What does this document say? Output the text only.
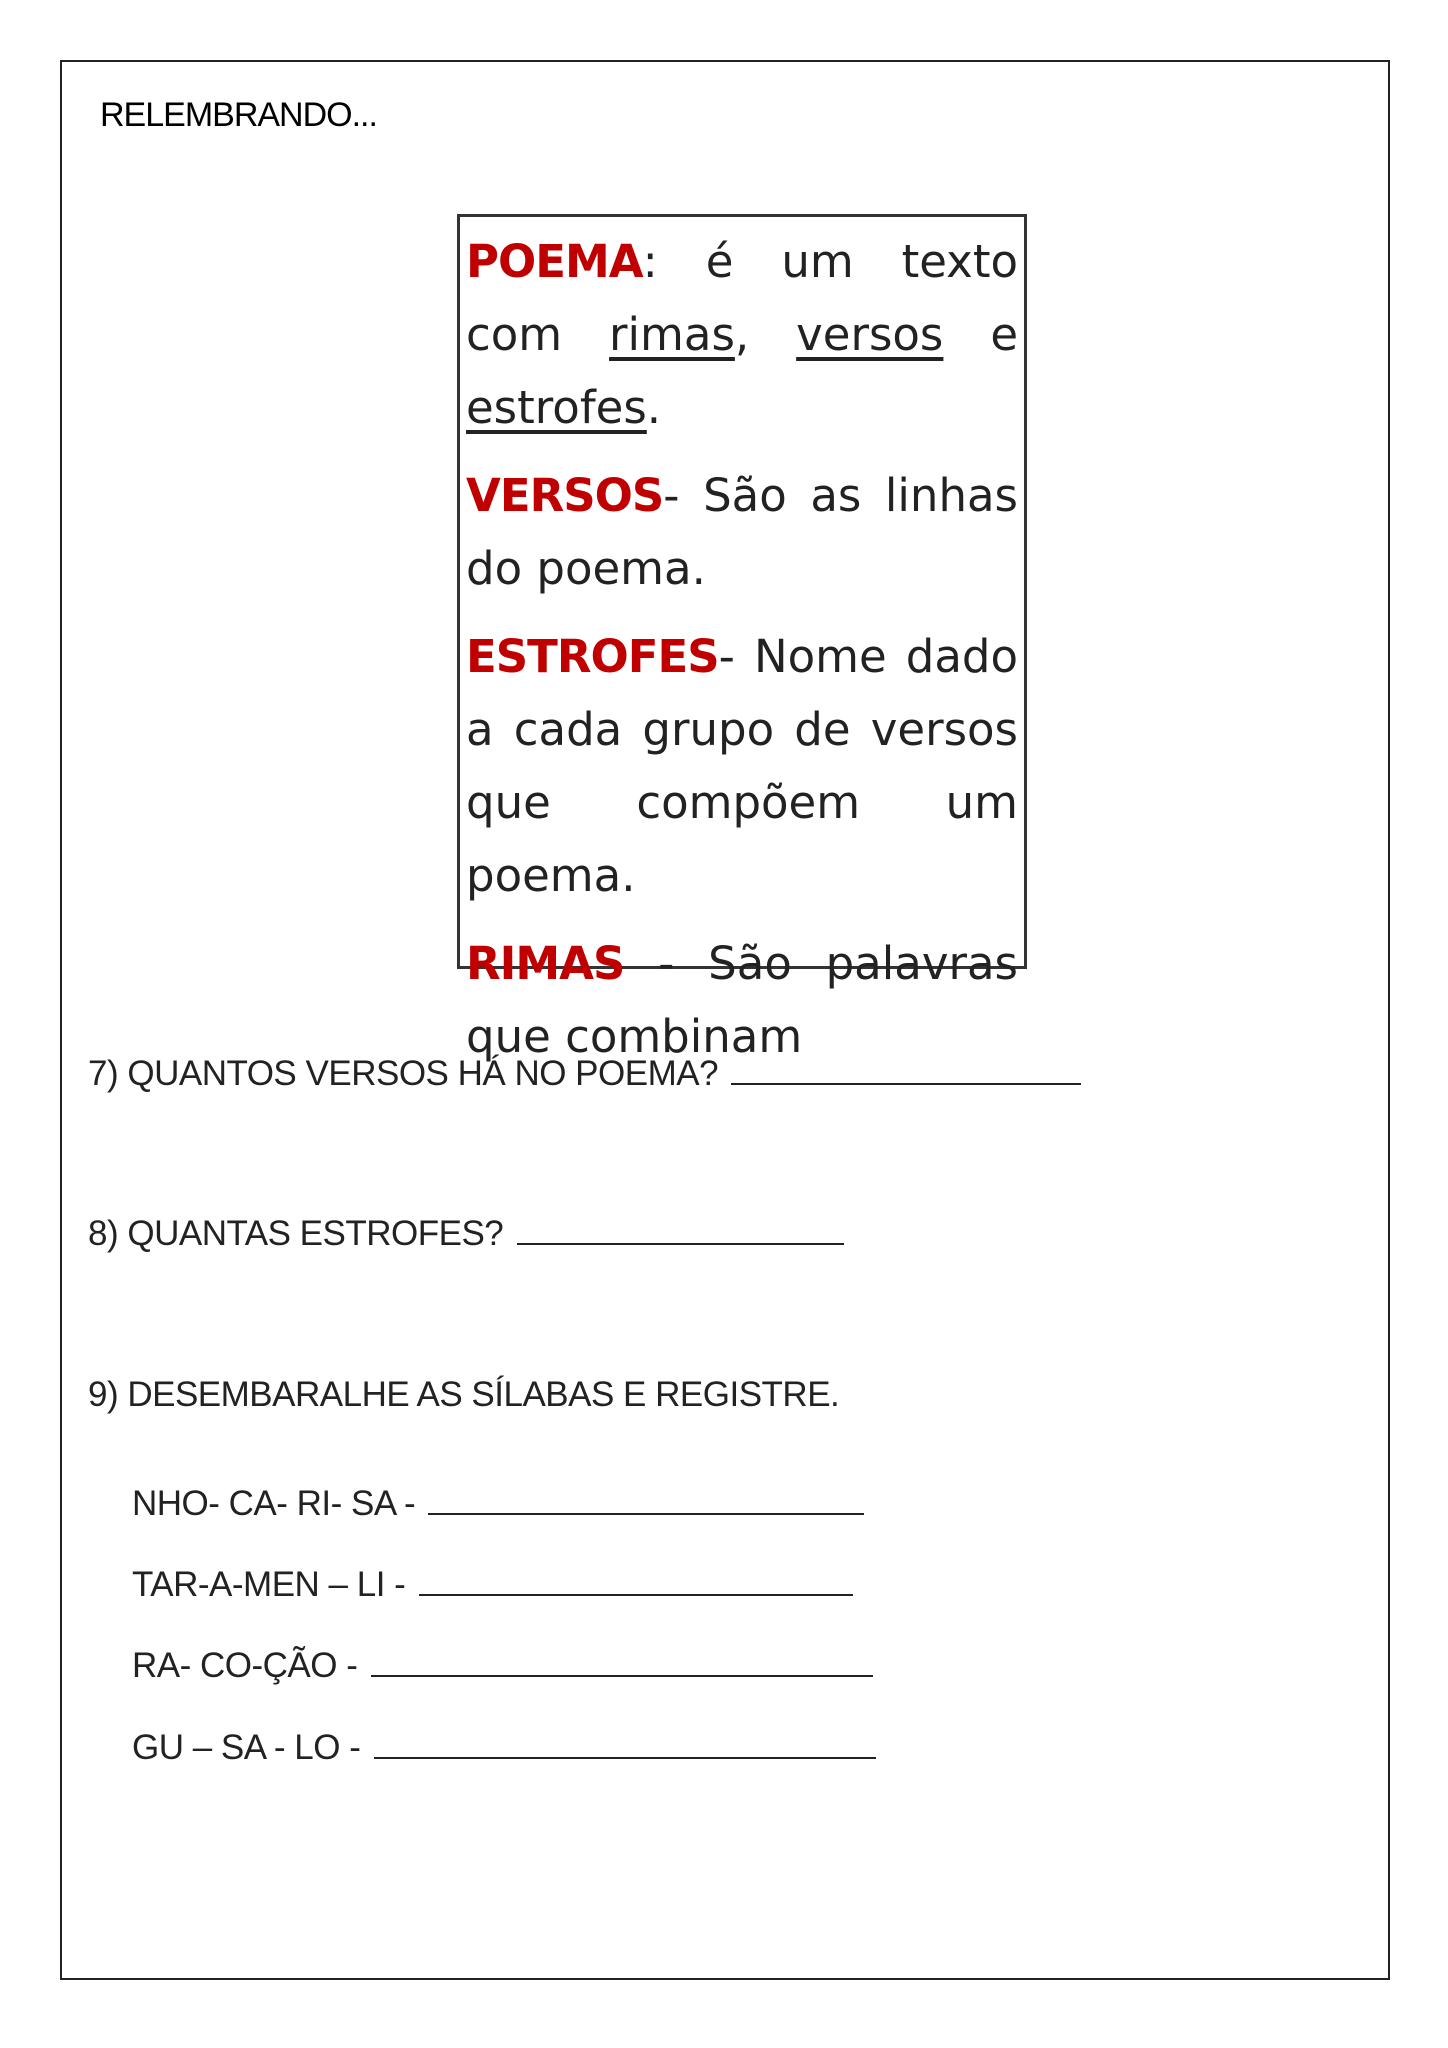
RELEMBRANDO...

POEMA: é um texto com rimas, versos e estrofes.

VERSOS- São as linhas do poema.

ESTROFES- Nome dado a cada grupo de versos que compõem um poema.

RIMAS - São palavras que combinam

7) QUANTOS VERSOS HÁ NO POEMA?
8) QUANTAS ESTROFES?
9) DESEMBARALHE AS SÍLABAS E REGISTRE.
NHO- CA- RI- SA -
TAR-A-MEN – LI -
RA- CO-ÇÃO -
GU – SA - LO -
